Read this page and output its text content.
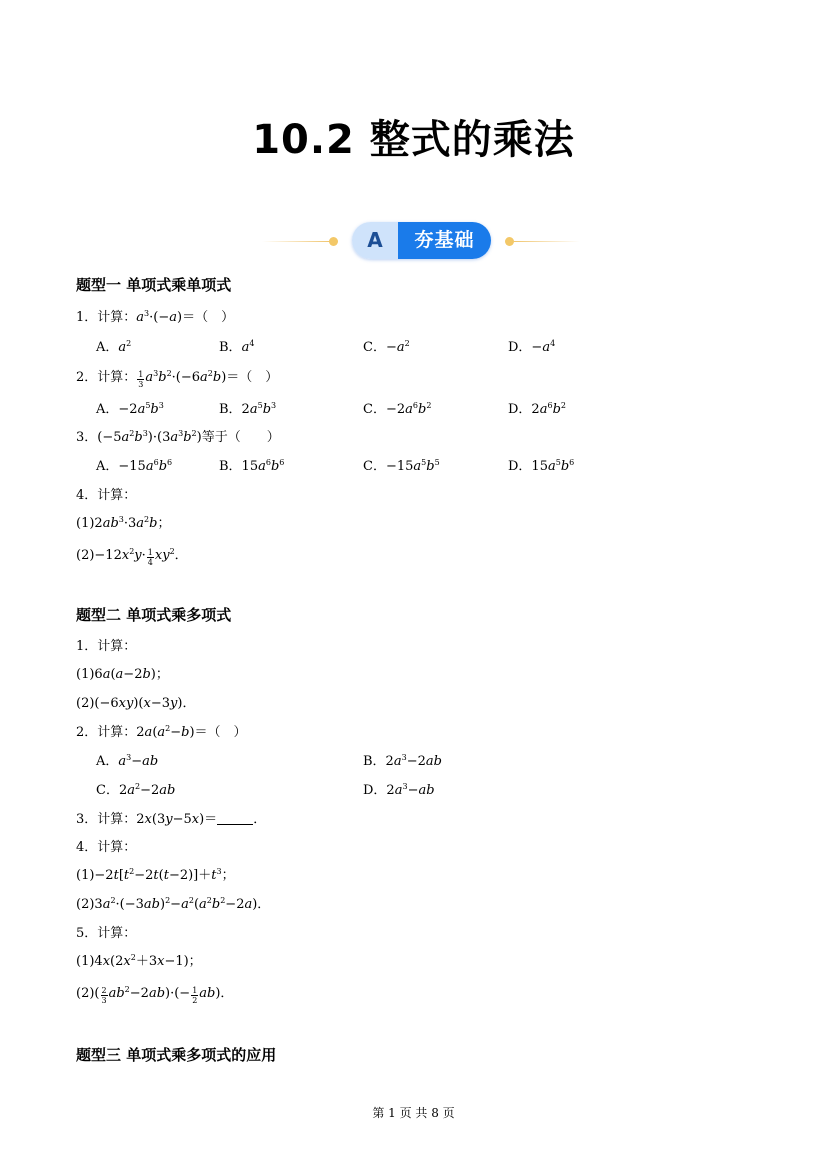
10.2 整式的乘法
A	夯基础
题型一 单项式乘单项式
1．计算：$a^3\cdot(-a)=$（　）
A．$a^2$	B．$a^4$	C．$-a^2$	D．$-a^4$
2．计算： $\frac{1}{3} a^3b^2\cdot(-6a^2b)=$（　）
A．$-2a^5b^3$	B．$2a^5b^3$	C．$-2a^6b^2$	D．$2a^6b^2$
3．$(-5a^2b^3)\cdot(3a^3b^2)$等于（　　）
A．$-15a^6b^6$	B．$15a^6b^6$	C．$-15a^5b^5$	D．$15a^5b^6$
4．计算：
$(1)2ab^3\cdot 3a^2b$；
$(2)-12x^2y\cdot \frac{1}{4} xy^2$．
题型二 单项式乘多项式
1．计算：
(1)6a(a−2b)；
(2)(−6xy)(x−3y)．
2．计算：$2a(a^2-b)=$（　）
A．$a^3-ab$	B．$2a^3-2ab$
C．$2a^2-2ab$	D．$2a^3-ab$
3．计算：2x(3y−5x)＝	．
4．计算：
$(1)-2t[t^2-2t(t-2)]+t^3$；
$(2)3a^2\cdot(-3ab)^2-a^2(a^2b^2-2a)$．
5．计算：
$(1)4x(2x^2+3x-1)$；
$(2)( \frac{2}{3} ab^2-2ab)\cdot(- \frac{1}{2} ab)$．
题型三 单项式乘多项式的应用
第 1 页 共 8 页
